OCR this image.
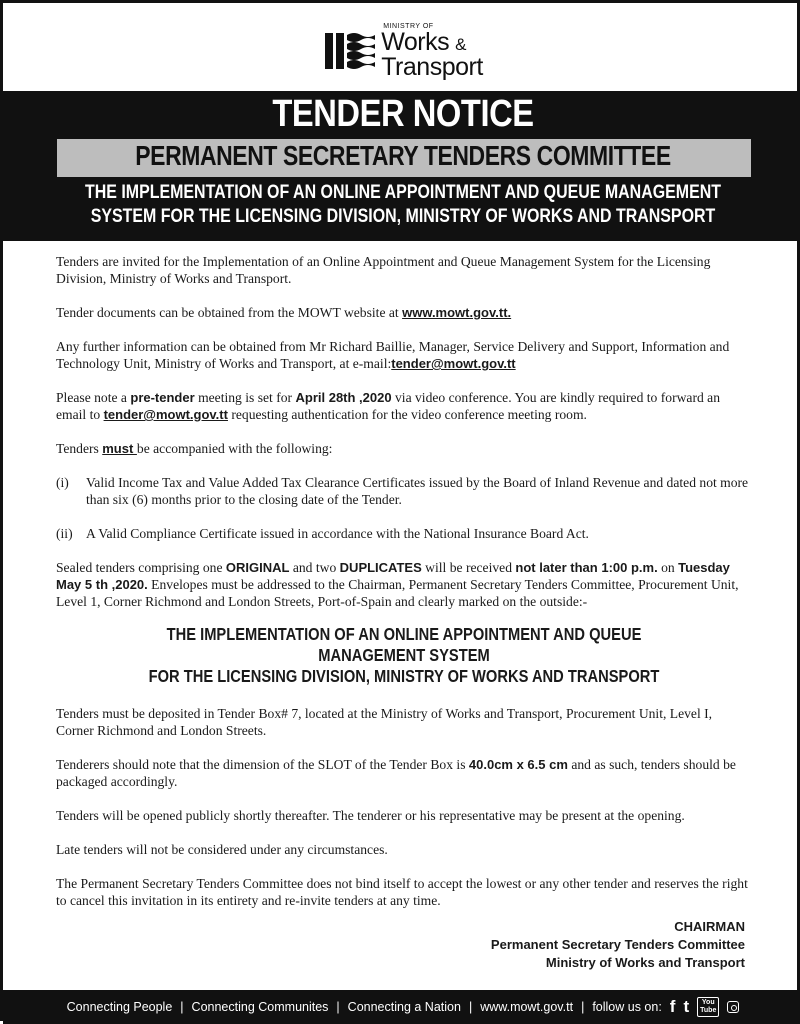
MINISTRY OF
Works &
Transport
TENDER NOTICE
PERMANENT SECRETARY TENDERS COMMITTEE
THE IMPLEMENTATION OF AN ONLINE APPOINTMENT AND QUEUE MANAGEMENT
SYSTEM FOR THE LICENSING DIVISION, MINISTRY OF WORKS AND TRANSPORT

Tenders are invited for the Implementation of an Online Appointment and Queue Management System for the Licensing Division, Ministry of Works and Transport.

Tender documents can be obtained from the MOWT website at www.mowt.gov.tt.

Any further information can be obtained from Mr Richard Baillie, Manager, Service Delivery and Support, Information and Technology Unit, Ministry of Works and Transport, at e-mail:tender@mowt.gov.tt

Please note a pre-tender meeting is set for April 28th ,2020 via video conference. You are kindly required to forward an email to tender@mowt.gov.tt requesting authentication for the video conference meeting room.

Tenders must be accompanied with the following:

(i)	Valid Income Tax and Value Added Tax Clearance Certificates issued by the Board of Inland Revenue and dated not more than six (6) months prior to the closing date of the Tender.
(ii) A Valid Compliance Certificate issued in accordance with the National Insurance Board Act.

Sealed tenders comprising one ORIGINAL and two DUPLICATES will be received not later than 1:00 p.m. on Tuesday May 5 th ,2020. Envelopes must be addressed to the Chairman, Permanent Secretary Tenders Committee, Procurement Unit, Level 1, Corner Richmond and London Streets, Port-of-Spain and clearly marked on the outside:-

THE IMPLEMENTATION OF AN ONLINE APPOINTMENT AND QUEUE MANAGEMENT SYSTEM
FOR THE LICENSING DIVISION, MINISTRY OF WORKS AND TRANSPORT

Tenders must be deposited in Tender Box# 7, located at the Ministry of Works and Transport, Procurement Unit, Level I, Corner Richmond and London Streets.

Tenderers should note that the dimension of the SLOT of the Tender Box is 40.0cm x 6.5 cm and as such, tenders should be packaged accordingly.

Tenders will be opened publicly shortly thereafter. The tenderer or his representative may be present at the opening.

Late tenders will not be considered under any circumstances.

The Permanent Secretary Tenders Committee does not bind itself to accept the lowest or any other tender and reserves the right to cancel this invitation in its entirety and re-invite tenders at any time.

CHAIRMAN
Permanent Secretary Tenders Committee
Ministry of Works and Transport
Connecting People | Connecting Communites | Connecting a Nation | www.mowt.gov.tt | follow us on: f t	You
Tube
